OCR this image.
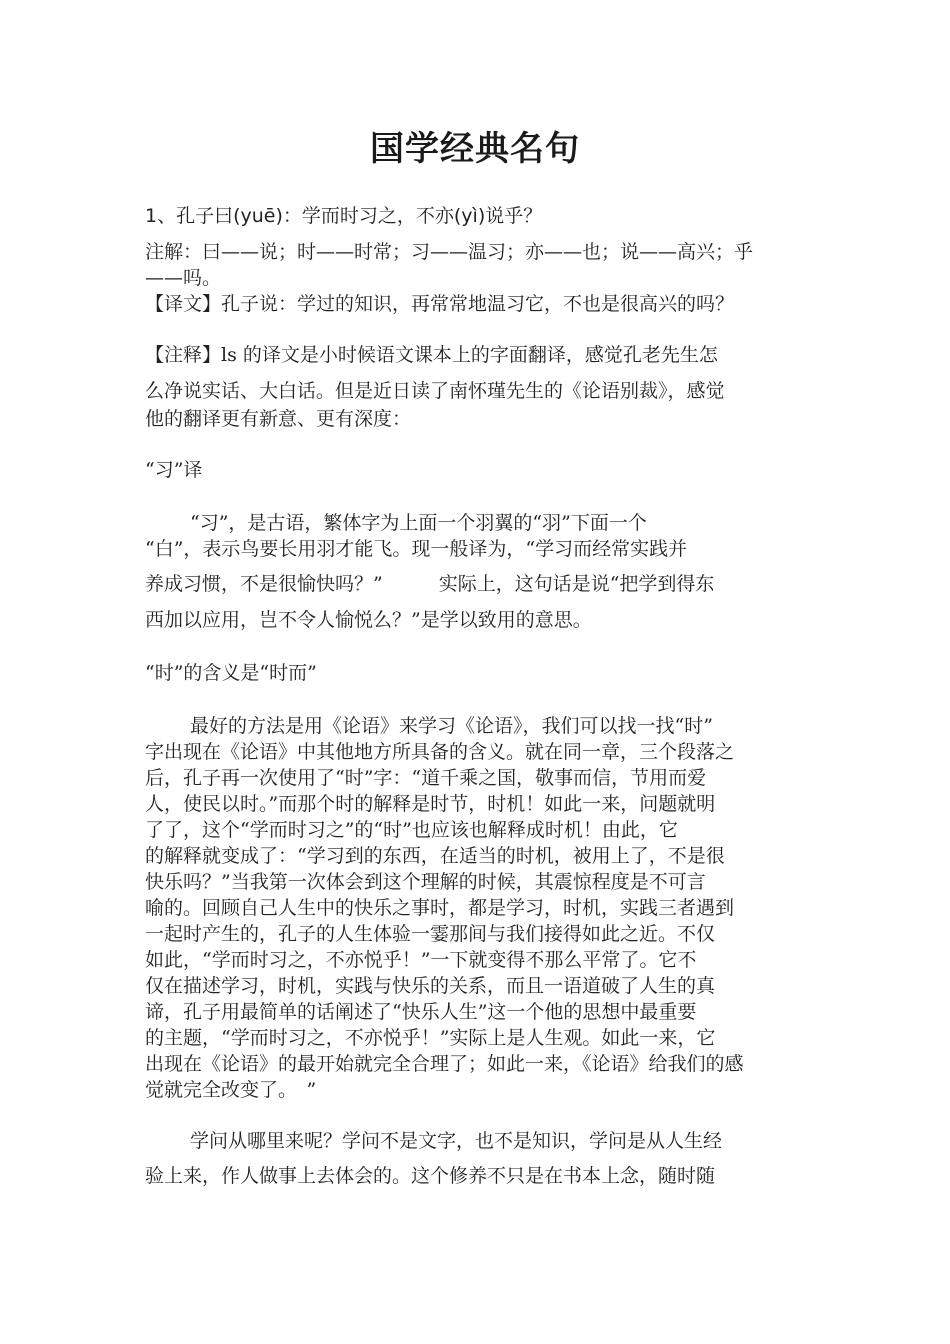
国学经典名句
1、孔子曰(yuē)：学而时习之，不亦(yì)说乎？
注解：曰——说；时——时常；习——温习；亦——也；说——高兴；乎
——吗。
【译文】孔子说：学过的知识，再常常地温习它，不也是很高兴的吗？
【注释】ls 的译文是小时候语文课本上的字面翻译，感觉孔老先生怎
么净说实话、大白话。但是近日读了南怀瑾先生的《论语别裁》，感觉
他的翻译更有新意、更有深度：
“习”译
“习”，是古语，繁体字为上面一个羽翼的“羽”下面一个
“白”，表示鸟要长用羽才能飞。现一般译为，“学习而经常实践并
养成习惯，不是很愉快吗？”	实际上，这句话是说“把学到得东
西加以应用，岂不令人愉悦么？”是学以致用的意思。
“时”的含义是“时而”
最好的方法是用《论语》来学习《论语》，我们可以找一找“时”
字出现在《论语》中其他地方所具备的含义。就在同一章，三个段落之
后，孔子再一次使用了“时”字：“道千乘之国，敬事而信，节用而爱
人，使民以时。”而那个时的解释是时节，时机！如此一来，问题就明
了了，这个“学而时习之”的“时”也应该也解释成时机！由此，它
的解释就变成了：“学习到的东西，在适当的时机，被用上了，不是很
快乐吗？”当我第一次体会到这个理解的时候，其震惊程度是不可言
喻的。回顾自己人生中的快乐之事时，都是学习，时机，实践三者遇到
一起时产生的，孔子的人生体验一霎那间与我们接得如此之近。不仅
如此，“学而时习之，不亦悦乎！”一下就变得不那么平常了。它不
仅在描述学习，时机，实践与快乐的关系，而且一语道破了人生的真
谛，孔子用最简单的话阐述了“快乐人生”这一个他的思想中最重要
的主题，“学而时习之，不亦悦乎！”实际上是人生观。如此一来，它
出现在《论语》的最开始就完全合理了；如此一来，《论语》给我们的感
觉就完全改变了。　”
学问从哪里来呢？学问不是文字，也不是知识，学问是从人生经
验上来，作人做事上去体会的。这个修养不只是在书本上念，随时随
